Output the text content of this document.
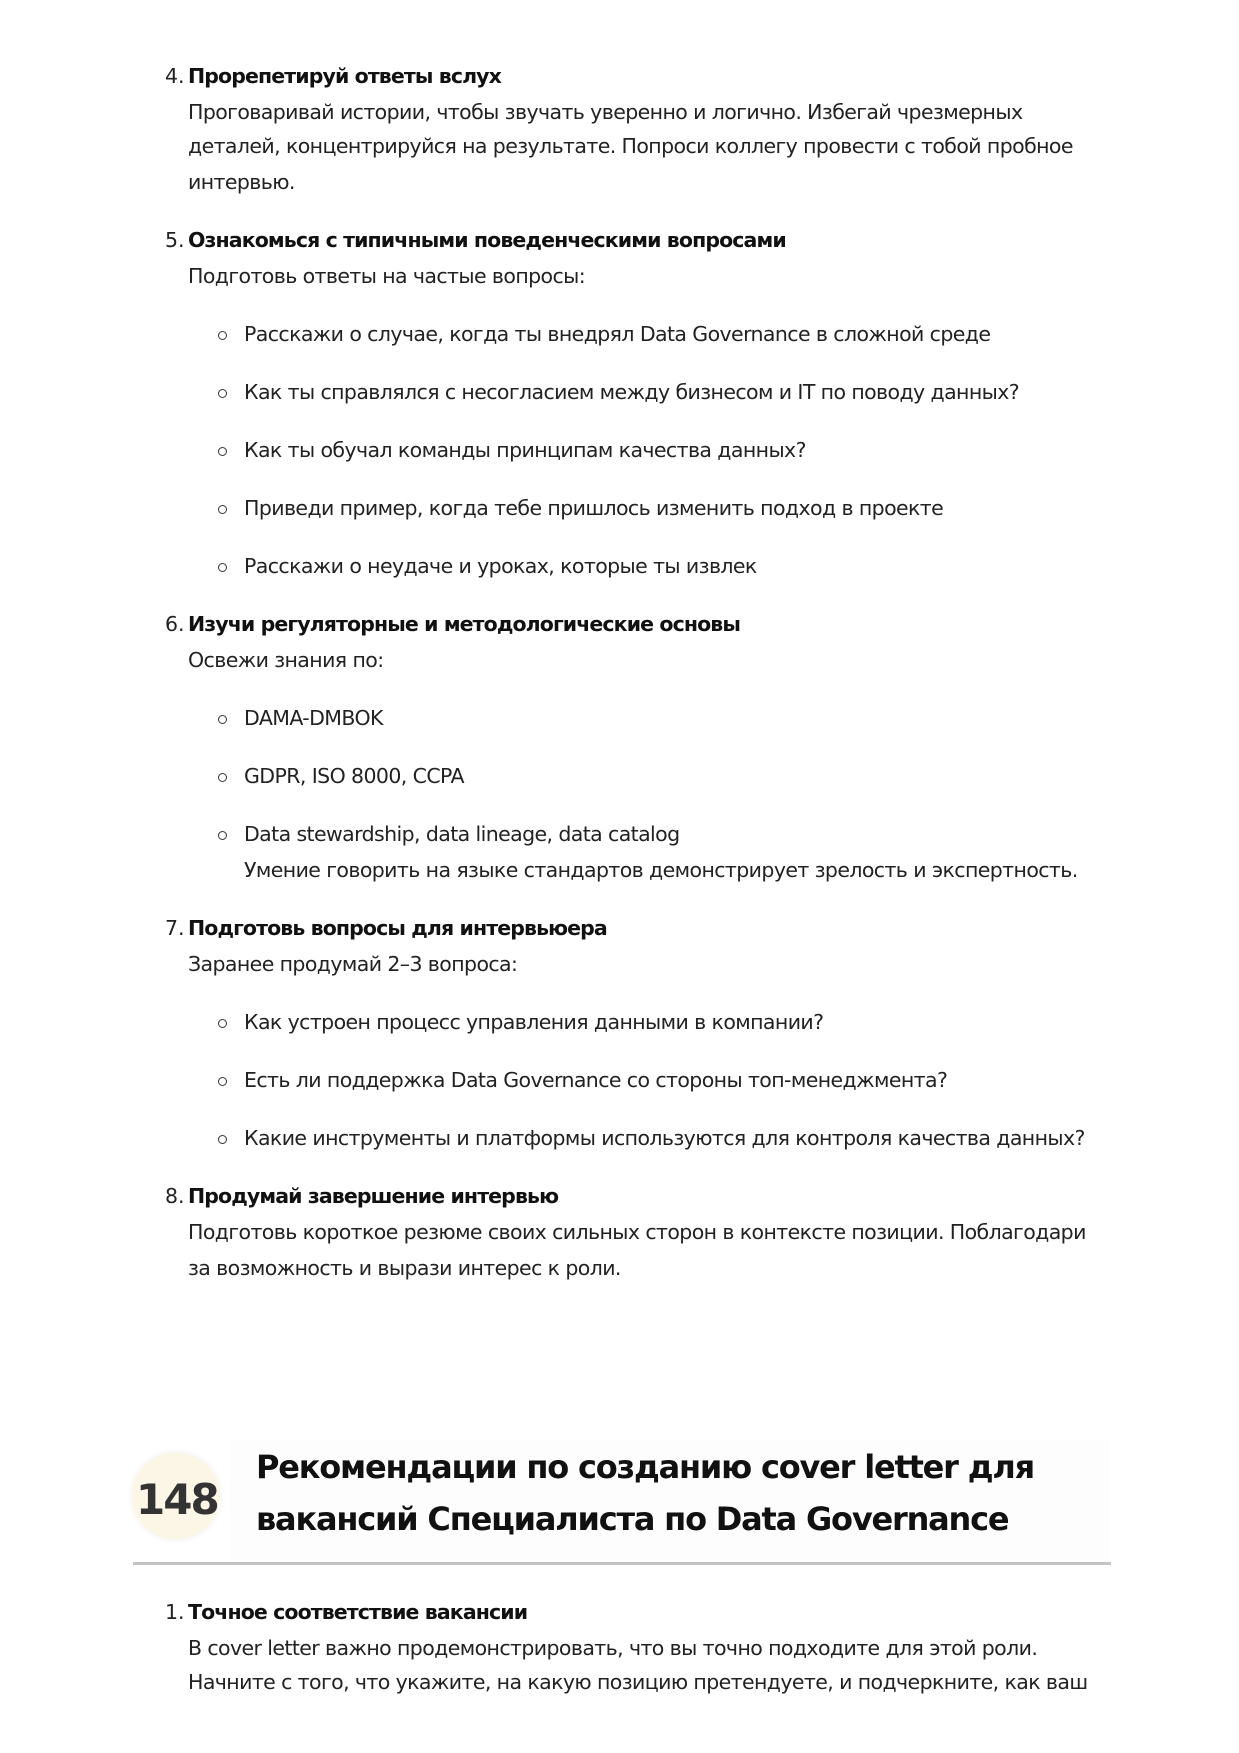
4. Прорепетируй ответы вслух
Проговаривай истории, чтобы звучать уверенно и логично. Избегай чрезмерных
деталей, концентрируйся на результате. Попроси коллегу провести с тобой пробное
интервью.
5. Ознакомься с типичными поведенческими вопросами
Подготовь ответы на частые вопросы:
Расскажи о случае, когда ты внедрял Data Governance в сложной среде
Как ты справлялся с несогласием между бизнесом и IT по поводу данных?
Как ты обучал команды принципам качества данных?
Приведи пример, когда тебе пришлось изменить подход в проекте
Расскажи о неудаче и уроках, которые ты извлек
6. Изучи регуляторные и методологические основы
Освежи знания по:
DAMA-DMBOK
GDPR, ISO 8000, CCPA
Data stewardship, data lineage, data catalog
Умение говорить на языке стандартов демонстрирует зрелость и экспертность.
7. Подготовь вопросы для интервьюера
Заранее продумай 2–3 вопроса:
Как устроен процесс управления данными в компании?
Есть ли поддержка Data Governance со стороны топ-менеджмента?
Какие инструменты и платформы используются для контроля качества данных?
8. Продумай завершение интервью
Подготовь короткое резюме своих сильных сторон в контексте позиции. Поблагодари
за возможность и вырази интерес к роли.
148
Рекомендации по созданию cover letter для
вакансий Специалиста по Data Governance
1. Точное соответствие вакансии
В cover letter важно продемонстрировать, что вы точно подходите для этой роли.
Начните с того, что укажите, на какую позицию претендуете, и подчеркните, как ваш
